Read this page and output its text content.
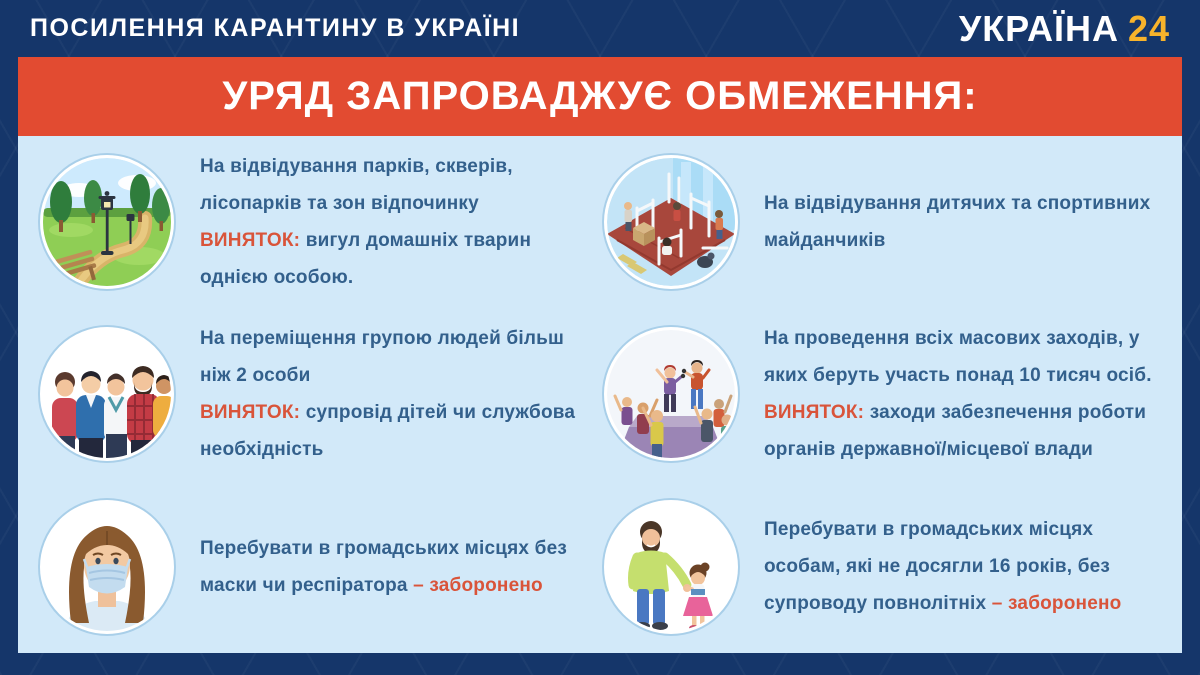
ПОСИЛЕННЯ КАРАНТИНУ В УКРАЇНІ	УКРАЇНА 24
УРЯД ЗАПРОВАДЖУЄ ОБМЕЖЕННЯ:
На відвідування парків, скверів, лісопарків та зон відпочинку
ВИНЯТОК: вигул домашніх тварин однією особою.
На відвідування дитячих та спортивних майданчиків
На переміщення групою людей більш ніж 2 особи
ВИНЯТОК: супровід дітей чи службова необхідність
На проведення всіх масових заходів, у яких беруть участь понад 10 тисяч осіб.
ВИНЯТОК: заходи забезпечення роботи органів державної/місцевої влади
Перебувати в громадських місцях без маски чи респіратора – заборонено
Перебувати в громадських місцях особам, які не досягли 16 років, без супроводу повнолітніх – заборонено
